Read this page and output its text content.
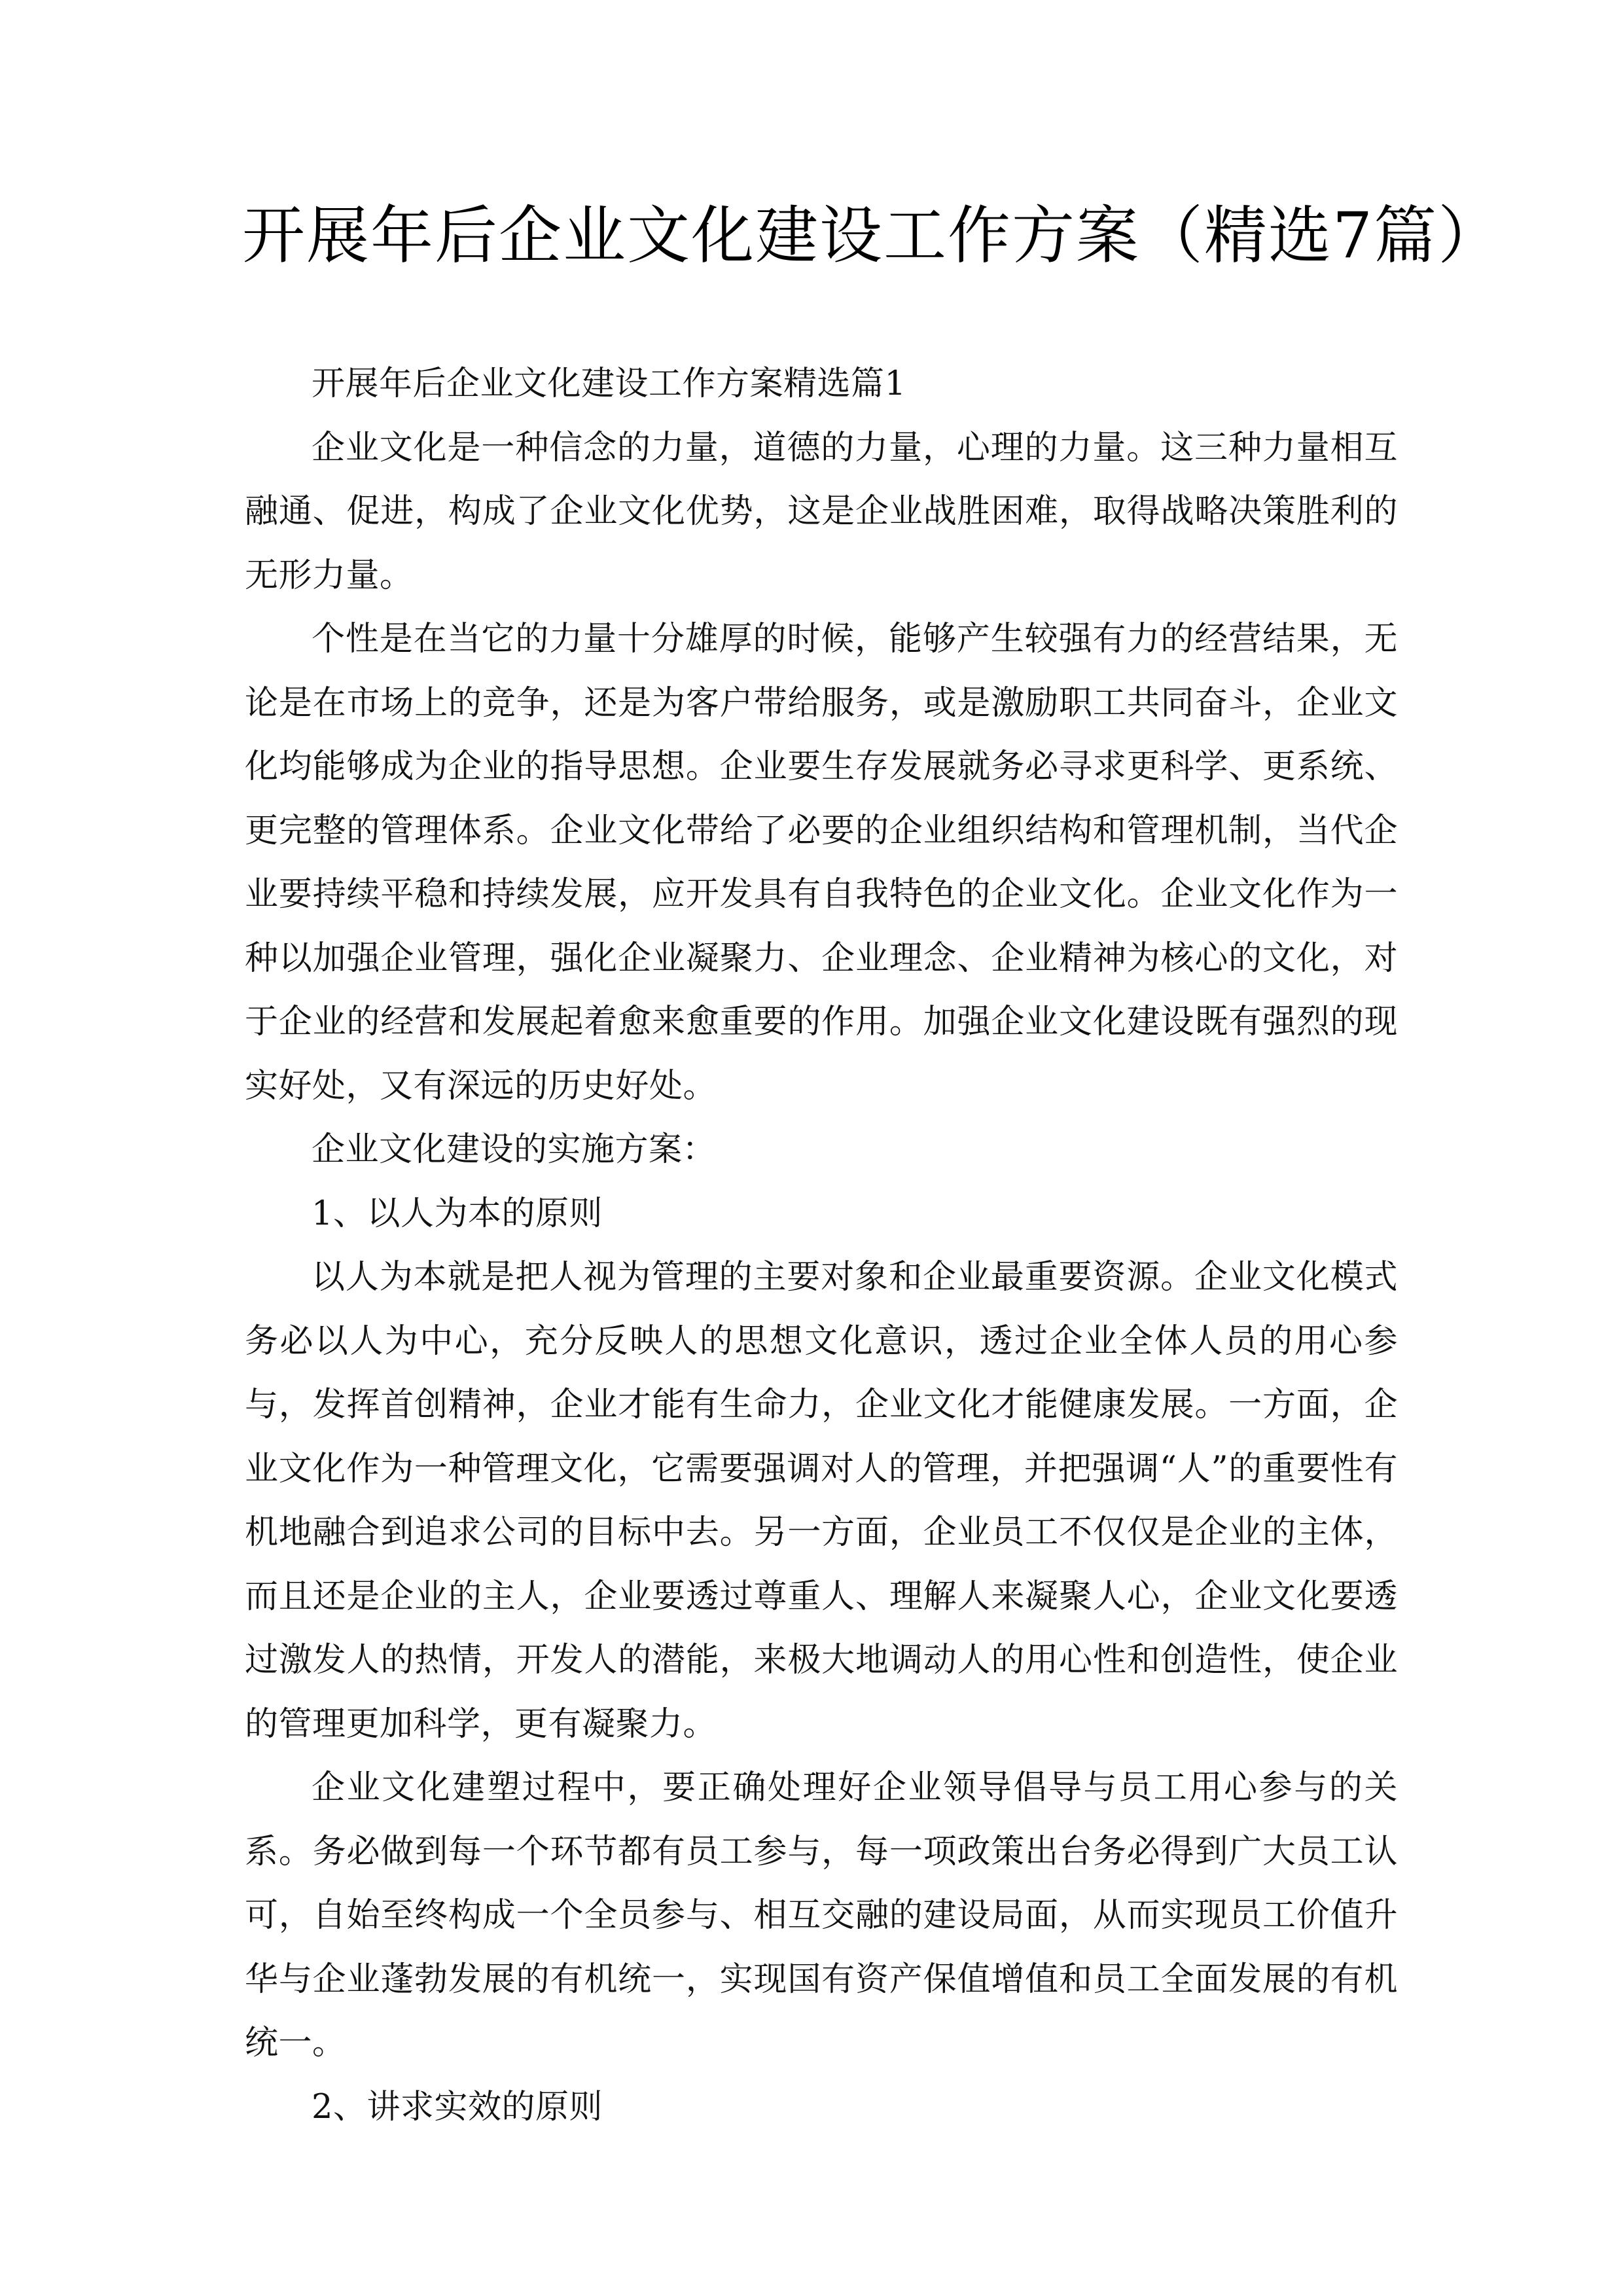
开展年后企业文化建设工作方案（精选7篇）

开展年后企业文化建设工作方案精选篇1

企业文化是一种信念的力量，道德的力量，心理的力量。这三种力量相互融通、促进，构成了企业文化优势，这是企业战胜困难，取得战略决策胜利的无形力量。

个性是在当它的力量十分雄厚的时候，能够产生较强有力的经营结果，无论是在市场上的竞争，还是为客户带给服务，或是激励职工共同奋斗，企业文化均能够成为企业的指导思想。企业要生存发展就务必寻求更科学、更系统、更完整的管理体系。企业文化带给了必要的企业组织结构和管理机制，当代企业要持续平稳和持续发展，应开发具有自我特色的企业文化。企业文化作为一种以加强企业管理，强化企业凝聚力、企业理念、企业精神为核心的文化，对于企业的经营和发展起着愈来愈重要的作用。加强企业文化建设既有强烈的现实好处，又有深远的历史好处。

企业文化建设的实施方案：

1、以人为本的原则

以人为本就是把人视为管理的主要对象和企业最重要资源。企业文化模式务必以人为中心，充分反映人的思想文化意识，透过企业全体人员的用心参与，发挥首创精神，企业才能有生命力，企业文化才能健康发展。一方面，企业文化作为一种管理文化，它需要强调对人的管理，并把强调“人”的重要性有机地融合到追求公司的目标中去。另一方面，企业员工不仅仅是企业的主体，而且还是企业的主人，企业要透过尊重人、理解人来凝聚人心，企业文化要透过激发人的热情，开发人的潜能，来极大地调动人的用心性和创造性，使企业的管理更加科学，更有凝聚力。

企业文化建塑过程中，要正确处理好企业领导倡导与员工用心参与的关系。务必做到每一个环节都有员工参与，每一项政策出台务必得到广大员工认可，自始至终构成一个全员参与、相互交融的建设局面，从而实现员工价值升华与企业蓬勃发展的有机统一，实现国有资产保值增值和员工全面发展的有机统一。

2、讲求实效的原则
